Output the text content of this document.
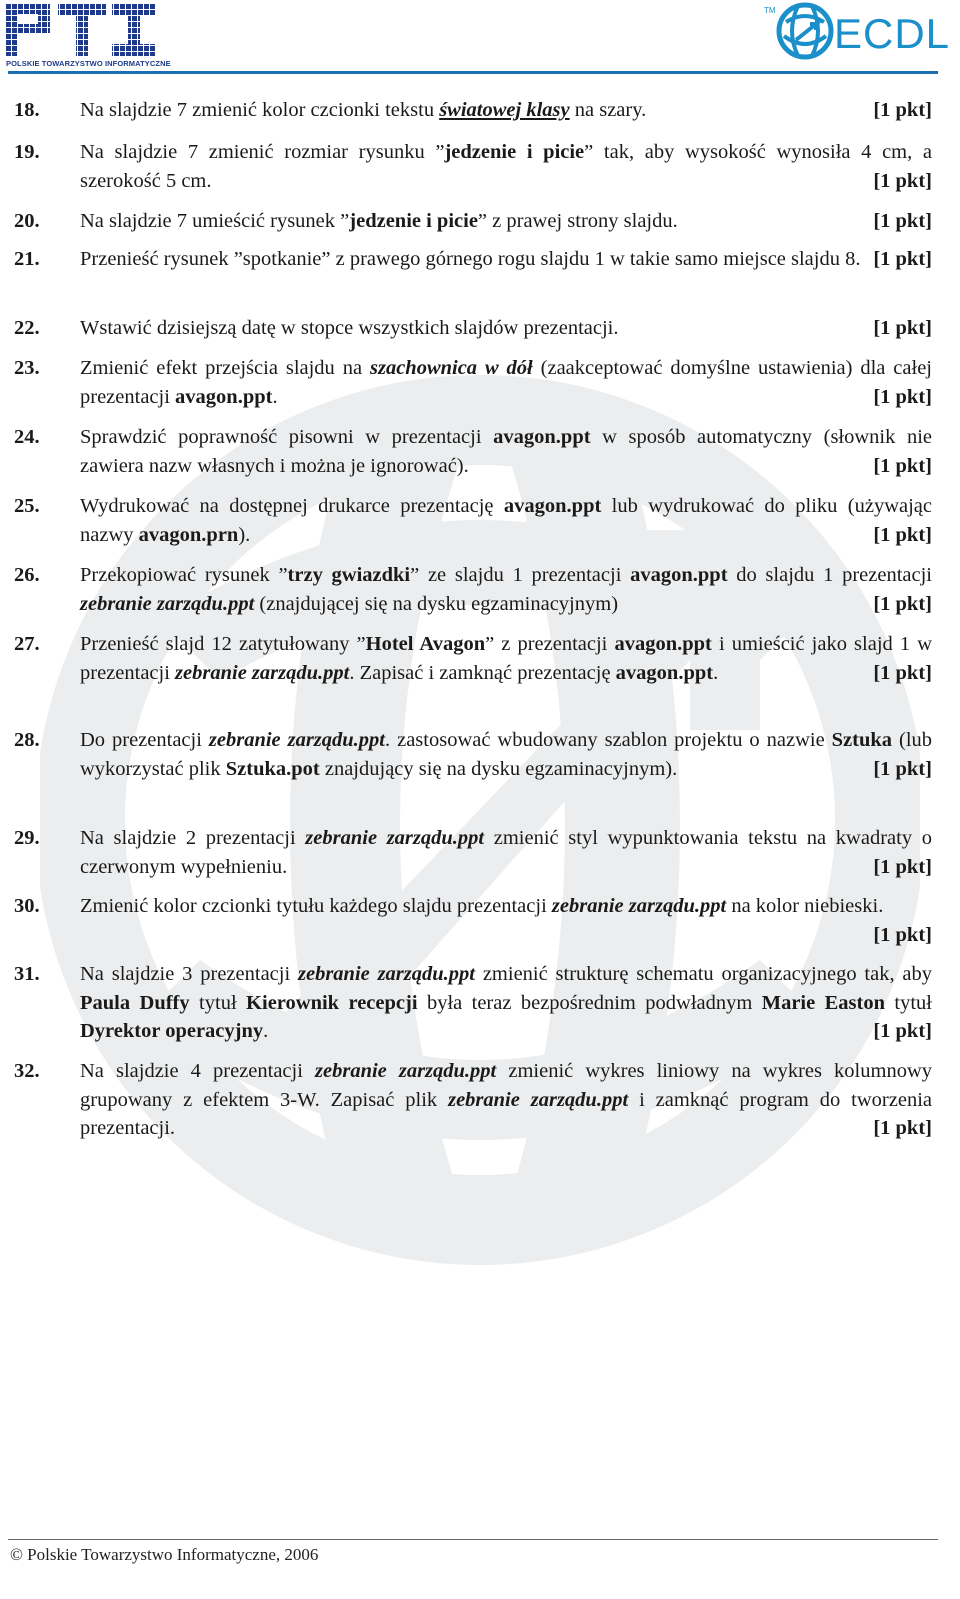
POLSKIE TOWARZYSTWO INFORMATYCZNE
TM ECDL
18. Na slajdzie 7 zmienić kolor czcionki tekstu światowej klasy na szary.	[1 pkt]
19. Na slajdzie 7 zmienić rozmiar rysunku ”jedzenie i picie” tak, aby wysokość wynosiła 4 cm, a szerokość 5 cm.	[1 pkt]
20. Na slajdzie 7 umieścić rysunek ”jedzenie i picie” z prawej strony slajdu.	[1 pkt]
21. Przenieść rysunek ”spotkanie” z prawego górnego rogu slajdu 1 w takie samo miejsce slajdu 8. [1 pkt]
22. Wstawić dzisiejszą datę w stopce wszystkich slajdów prezentacji.	[1 pkt]
23. Zmienić efekt przejścia slajdu na szachownica w dół (zaakceptować domyślne ustawienia) dla całej prezentacji avagon.ppt.	[1 pkt]
24. Sprawdzić poprawność pisowni w prezentacji avagon.ppt w sposób automatyczny (słownik nie zawiera nazw własnych i można je ignorować).	[1 pkt]
25. Wydrukować na dostępnej drukarce prezentację avagon.ppt lub wydrukować do pliku (używając nazwy avagon.prn).	[1 pkt]
26. Przekopiować rysunek ”trzy gwiazdki” ze slajdu 1 prezentacji avagon.ppt do slajdu 1 prezentacji zebranie zarządu.ppt (znajdującej się na dysku egzaminacyjnym)	[1 pkt]
27. Przenieść slajd 12 zatytułowany ”Hotel Avagon” z prezentacji avagon.ppt i umieścić jako slajd 1 w prezentacji zebranie zarządu.ppt. Zapisać i zamknąć prezentację avagon.ppt.	[1 pkt]
28. Do prezentacji zebranie zarządu.ppt. zastosować wbudowany szablon projektu o nazwie Sztuka (lub wykorzystać plik Sztuka.pot znajdujący się na dysku egzaminacyjnym).	[1 pkt]
29. Na slajdzie 2 prezentacji zebranie zarządu.ppt zmienić styl wypunktowania tekstu na kwadraty o czerwonym wypełnieniu.	[1 pkt]
30. Zmienić kolor czcionki tytułu każdego slajdu prezentacji zebranie zarządu.ppt na kolor niebieski.
[1 pkt]
31. Na slajdzie 3 prezentacji zebranie zarządu.ppt zmienić strukturę schematu organizacyjnego tak, aby Paula Duffy tytuł Kierownik recepcji była teraz bezpośrednim podwładnym Marie Easton tytuł Dyrektor operacyjny.	[1 pkt]
32. Na slajdzie 4 prezentacji zebranie zarządu.ppt zmienić wykres liniowy na wykres kolumnowy grupowany z efektem 3-W. Zapisać plik zebranie zarządu.ppt i zamknąć program do tworzenia prezentacji.	[1 pkt]
© Polskie Towarzystwo Informatyczne, 2006
